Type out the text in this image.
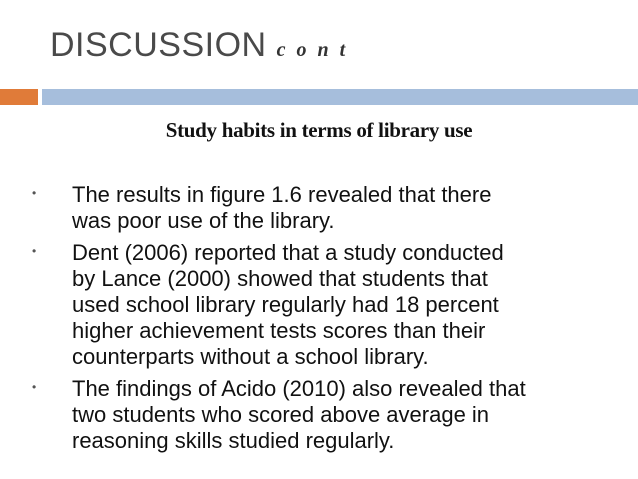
DISCUSSION c o n t
Study habits in terms of library use
• The results in figure 1.6 revealed that there
was poor use of the library.
• Dent (2006) reported that a study conducted
by Lance (2000) showed that students that
used school library regularly had 18 percent
higher achievement tests scores than their
counterparts without a school library.
• The findings of Acido (2010) also revealed that
two students who scored above average in
reasoning skills studied regularly.
